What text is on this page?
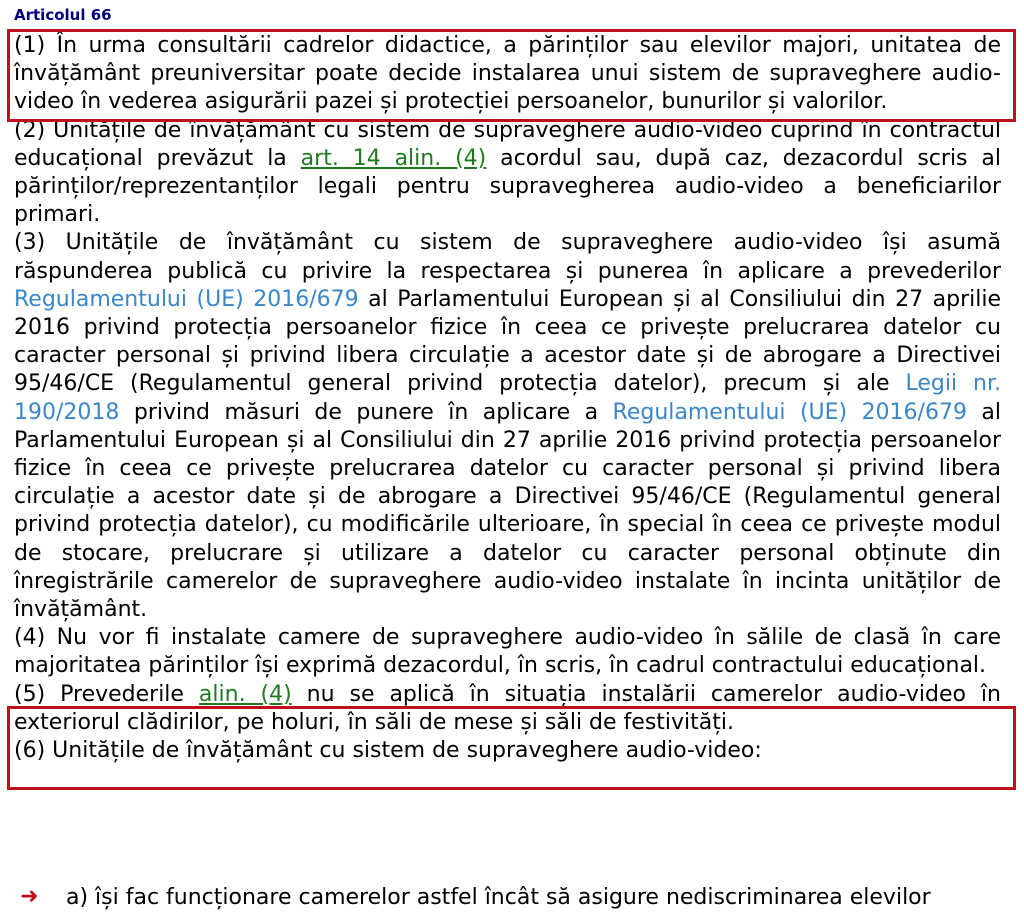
Articolul 66

(1) În urma consultării cadrelor didactice, a părinților sau elevilor majori, unitatea de învățământ preuniversitar poate decide instalarea unui sistem de supraveghere audio-video în vederea asigurării pazei și protecției persoanelor, bunurilor și valorilor.

(2) Unitățile de învățământ cu sistem de supraveghere audio-video cuprind în contractul educațional prevăzut la art. 14 alin. (4) acordul sau, după caz, dezacordul scris al părinților/reprezentanților legali pentru supravegherea audio-video a beneficiarilor primari.

(3) Unitățile de învățământ cu sistem de supraveghere audio-video își asumă răspunderea publică cu privire la respectarea și punerea în aplicare a prevederilor Regulamentului (UE) 2016/679 al Parlamentului European și al Consiliului din 27 aprilie 2016 privind protecția persoanelor fizice în ceea ce privește prelucrarea datelor cu caracter personal și privind libera circulație a acestor date și de abrogare a Directivei 95/46/CE (Regulamentul general privind protecția datelor), precum și ale Legii nr. 190/2018 privind măsuri de punere în aplicare a Regulamentului (UE) 2016/679 al Parlamentului European și al Consiliului din 27 aprilie 2016 privind protecția persoanelor fizice în ceea ce privește prelucrarea datelor cu caracter personal și privind libera circulație a acestor date și de abrogare a Directivei 95/46/CE (Regulamentul general privind protecția datelor), cu modificările ulterioare, în special în ceea ce privește modul de stocare, prelucrare și utilizare a datelor cu caracter personal obținute din înregistrările camerelor de supraveghere audio-video instalate în incinta unităților de învățământ.

(4) Nu vor fi instalate camere de supraveghere audio-video în sălile de clasă în care majoritatea părinților își exprimă dezacordul, în scris, în cadrul contractului educațional.

(5) Prevederile alin. (4) nu se aplică în situația instalării camerelor audio-video în exteriorul clădirilor, pe holuri, în săli de mese și săli de festivități.

(6) Unitățile de învățământ cu sistem de supraveghere audio-video:

➜ a) își fac funcționare camerelor astfel încât să asigure nediscriminarea elevilor
